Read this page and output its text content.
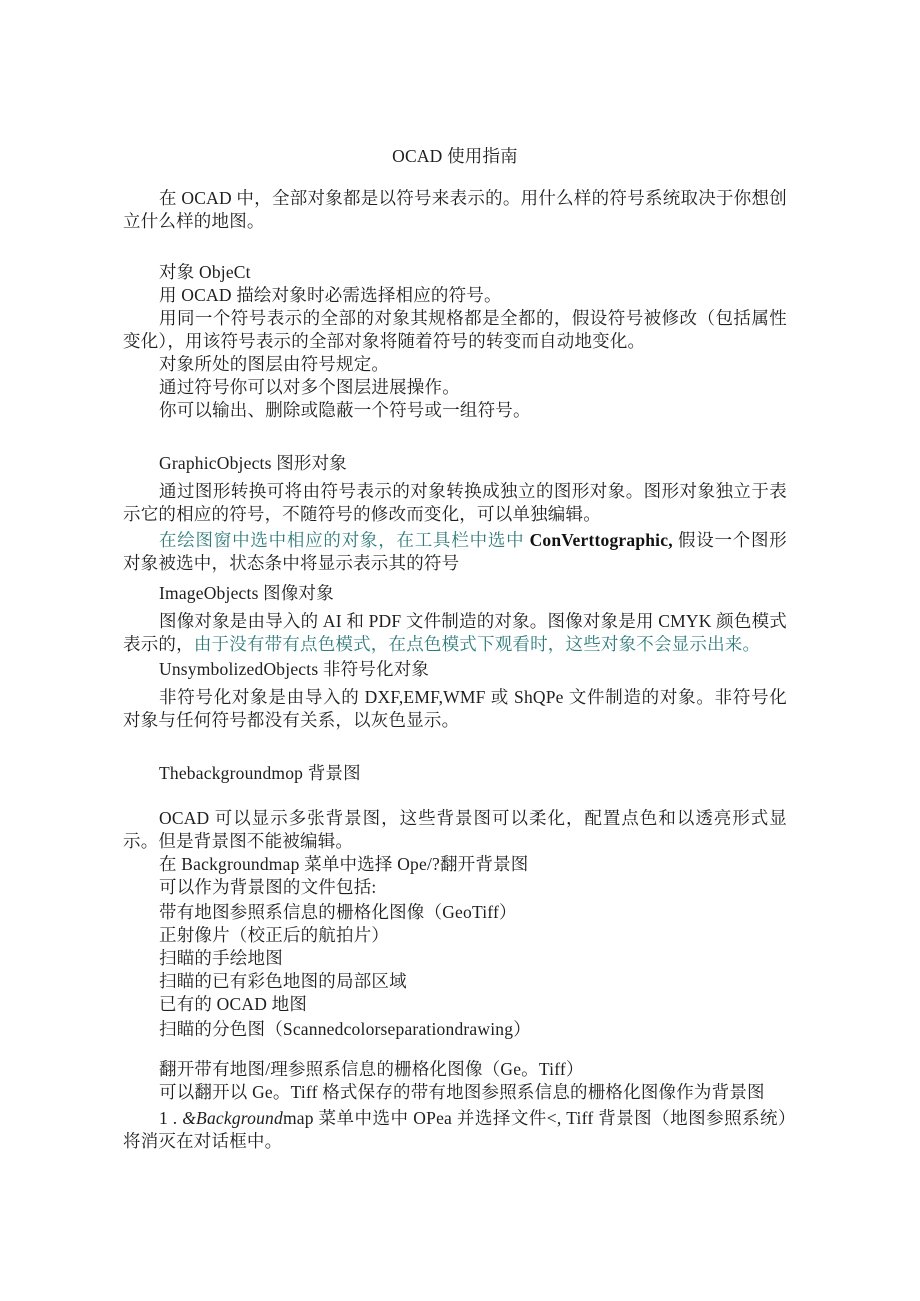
OCAD 使用指南

在 OCAD 中，全部对象都是以符号来表示的。用什么样的符号系统取决于你想创立什么样的地图。

对象 ObjeCt

用 OCAD 描绘对象时必需选择相应的符号。

用同一个符号表示的全部的对象其规格都是全都的，假设符号被修改（包括属性变化），用该符号表示的全部对象将随着符号的转变而自动地变化。

对象所处的图层由符号规定。

通过符号你可以对多个图层进展操作。

你可以输出、删除或隐蔽一个符号或一组符号。

GraphicObjects 图形对象

通过图形转换可将由符号表示的对象转换成独立的图形对象。图形对象独立于表示它的相应的符号，不随符号的修改而变化，可以单独编辑。

在绘图窗中选中相应的对象，在工具栏中选中 ConVerttographic, 假设一个图形对象被选中，状态条中将显示表示其的符号

ImageObjects 图像对象

图像对象是由导入的 AI 和 PDF 文件制造的对象。图像对象是用 CMYK 颜色模式表示的，由于没有带有点色模式，在点色模式下观看时，这些对象不会显示出来。

UnsymbolizedObjects 非符号化对象

非符号化对象是由导入的 DXF,EMF,WMF 或 ShQPe 文件制造的对象。非符号化对象与任何符号都没有关系，以灰色显示。

Thebackgroundmop 背景图

OCAD 可以显示多张背景图，这些背景图可以柔化，配置点色和以透亮形式显示。但是背景图不能被编辑。

在 Backgroundmap 菜单中选择 Ope/?翻开背景图

可以作为背景图的文件包括:

带有地图参照系信息的栅格化图像（GeoTiff）

正射像片（校正后的航拍片）

扫瞄的手绘地图

扫瞄的已有彩色地图的局部区域

已有的 OCAD 地图

扫瞄的分色图（Scannedcolorseparationdrawing）

翻开带有地图/理参照系信息的栅格化图像（Ge。Tiff）

可以翻开以 Ge。Tiff 格式保存的带有地图参照系信息的栅格化图像作为背景图

1 . &Backgroundmap 菜单中选中 OPea 并选择文件<, Tiff 背景图（地图参照系统）将消灭在对话框中。
